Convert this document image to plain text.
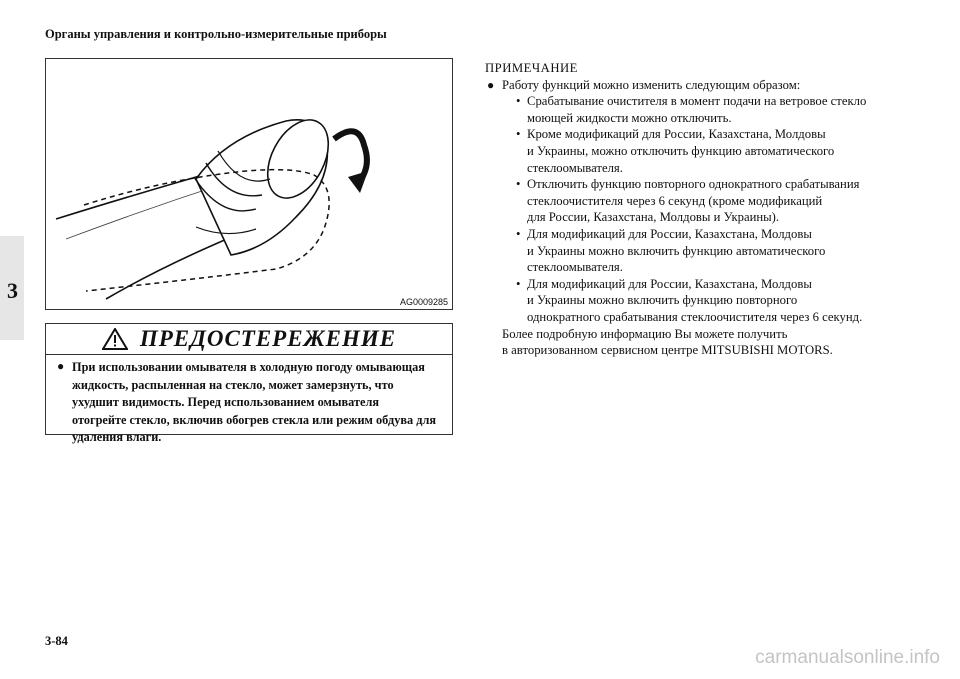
Органы управления и контрольно-измерительные приборы
3	AG0009285
ПРЕДОСТЕРЕЖЕНИЕ
● При использовании омывателя в холодную погоду омывающая
жидкость, распыленная на стекло, может замерзнуть, что
ухудшит видимость. Перед использованием омывателя
отогрейте стекло, включив обогрев стекла или режим обдува для
удаления влаги.
ПРИМЕЧАНИЕ
● Работу функций можно изменить следующим образом:
• Срабатывание очистителя в момент подачи на ветровое стекло
моющей жидкости можно отключить.
• Кроме модификаций для России, Казахстана, Молдовы
и Украины, можно отключить функцию автоматического
стеклоомывателя.
• Отключить функцию повторного однократного срабатывания
стеклоочистителя через 6 секунд (кроме модификаций
для России, Казахстана, Молдовы и Украины).
• Для модификаций для России, Казахстана, Молдовы
и Украины можно включить функцию автоматического
стеклоомывателя.
• Для модификаций для России, Казахстана, Молдовы
и Украины можно включить функцию повторного
однократного срабатывания стеклоочистителя через 6 секунд.
Более подробную информацию Вы можете получить
в авторизованном сервисном центре MITSUBISHI MOTORS.
3-84
carmanualsonline.info
